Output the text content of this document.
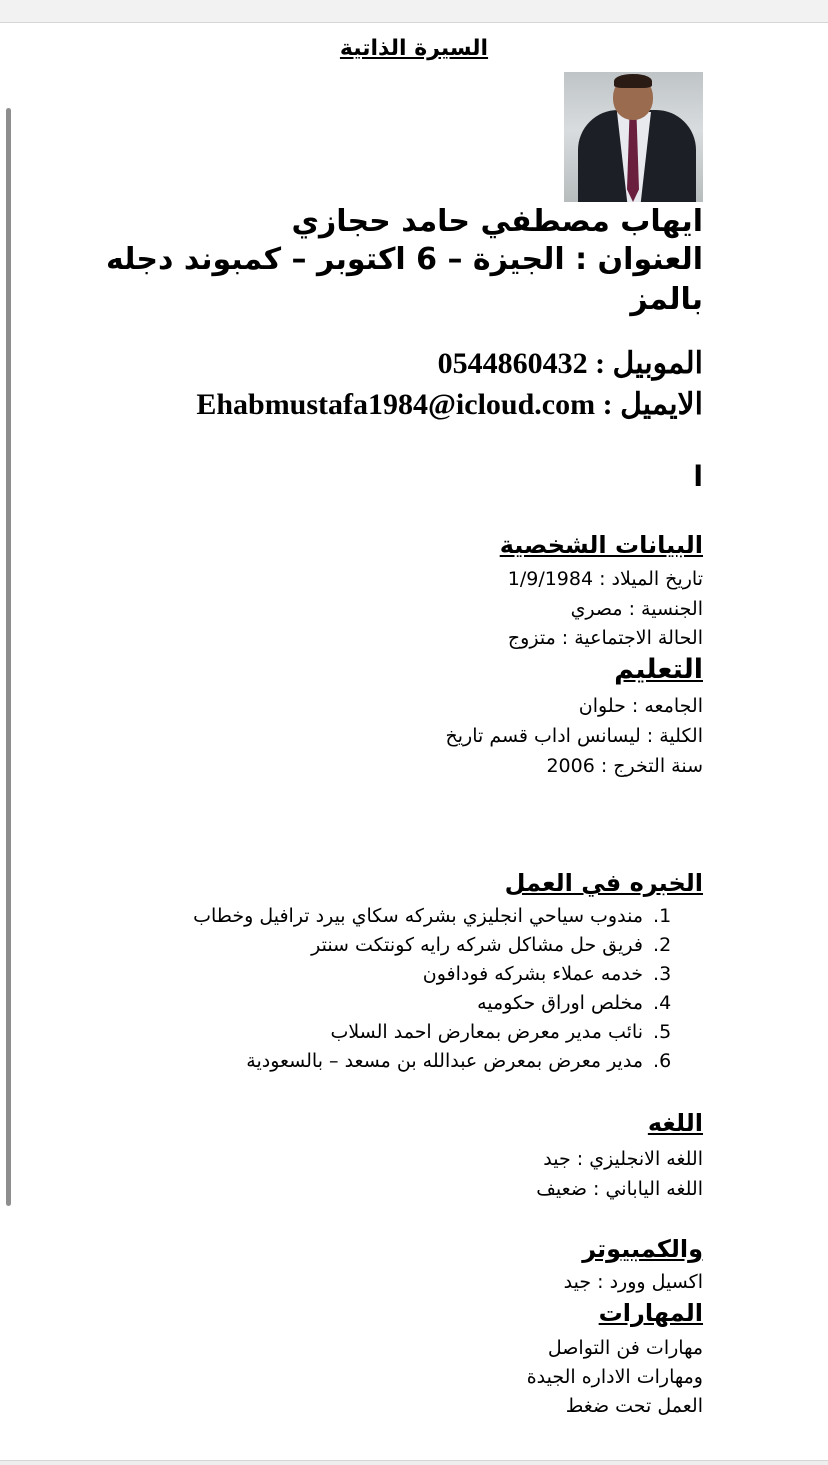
السيرة الذاتية
ايهاب مصطفي حامد حجازي
العنوان : الجيزة – 6 اكتوبر – كمبوند دجله
بالمز
الموبيل : 0544860432
الايميل : Ehabmustafa1984@icloud.com
ا
البيانات الشخصية
تاريخ الميلاد : 1/9/1984
الجنسية : مصري
الحالة الاجتماعية : متزوج
التعليم
الجامعه : حلوان
الكلية : ليسانس اداب قسم تاريخ
سنة التخرج : 2006
الخبره في العمل
1. مندوب سياحي انجليزي بشركه سكاي بيرد ترافيل وخطاب
2. فريق حل مشاكل شركه رايه كونتكت سنتر
3. خدمه عملاء بشركه فودافون
4. مخلص اوراق حكوميه
5. نائب مدير معرض بمعارض احمد السلاب
6. مدير معرض بمعرض عبدالله بن مسعد – بالسعودية
اللغه
اللغه الانجليزي : جيد
اللغه الياباني : ضعيف
والكمبيوتر
اكسيل وورد : جيد
المهارات
مهارات فن التواصل
ومهارات الاداره الجيدة
العمل تحت ضغط
